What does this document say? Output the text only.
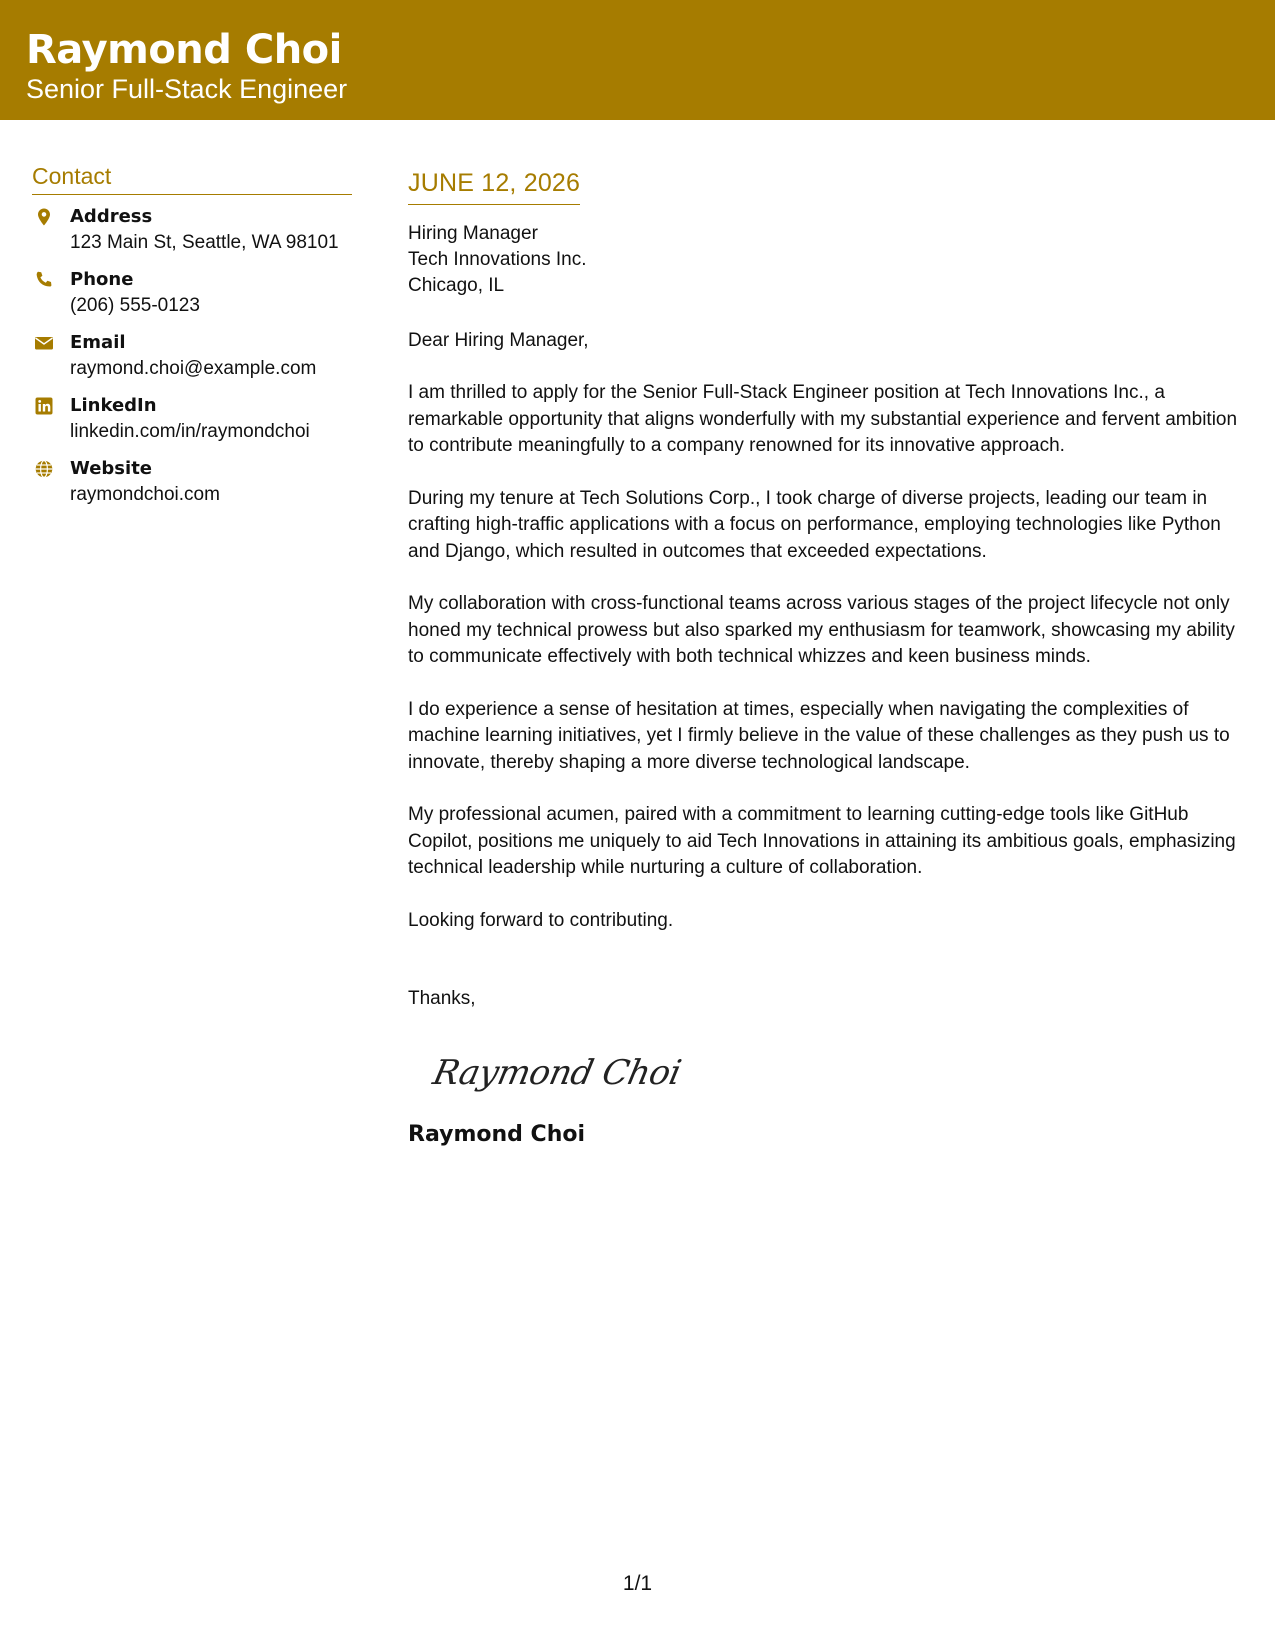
Raymond Choi
Senior Full-Stack Engineer
Contact
Address
123 Main St, Seattle, WA 98101
Phone
(206) 555-0123
Email
raymond.choi@example.com
LinkedIn
linkedin.com/in/raymondchoi
Website
raymondchoi.com
JUNE 12, 2026
Hiring Manager
Tech Innovations Inc.
Chicago, IL
Dear Hiring Manager,
I am thrilled to apply for the Senior Full-Stack Engineer position at Tech Innovations Inc., a remarkable opportunity that aligns wonderfully with my substantial experience and fervent ambition to contribute meaningfully to a company renowned for its innovative approach.
During my tenure at Tech Solutions Corp., I took charge of diverse projects, leading our team in crafting high-traffic applications with a focus on performance, employing technologies like Python and Django, which resulted in outcomes that exceeded expectations.
My collaboration with cross-functional teams across various stages of the project lifecycle not only honed my technical prowess but also sparked my enthusiasm for teamwork, showcasing my ability to communicate effectively with both technical whizzes and keen business minds.
I do experience a sense of hesitation at times, especially when navigating the complexities of machine learning initiatives, yet I firmly believe in the value of these challenges as they push us to innovate, thereby shaping a more diverse technological landscape.
My professional acumen, paired with a commitment to learning cutting-edge tools like GitHub Copilot, positions me uniquely to aid Tech Innovations in attaining its ambitious goals, emphasizing technical leadership while nurturing a culture of collaboration.
Looking forward to contributing.
Thanks,
Raymond Choi
Raymond Choi
1/1
